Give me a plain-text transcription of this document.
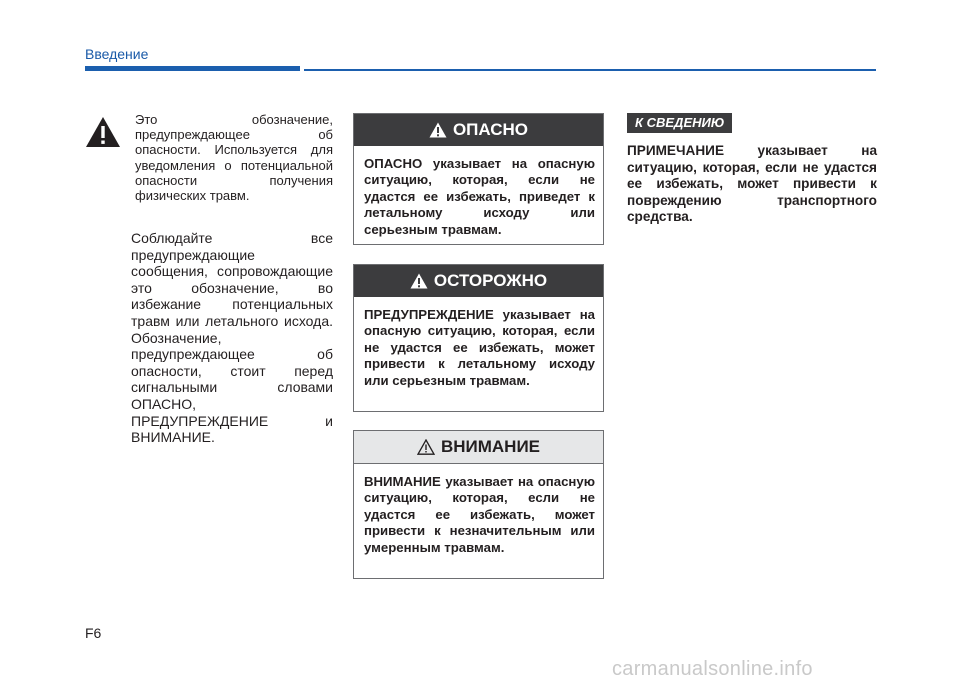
Введение
Это обозначение, предупреждающее об опасности. Используется для уведомления о потенциальной опасности получения физических травм.
Соблюдайте все предупреждающие сообщения, сопровождающие это обозначение, во избежание потенциальных травм или летального исхода. Обозначение, предупреждающее об опасности, стоит перед сигнальными словами ОПАСНО, ПРЕДУПРЕЖДЕНИЕ и ВНИМАНИЕ.
ОПАСНО
ОПАСНО указывает на опасную ситуацию, которая, если не удастся ее избежать, приведет к летальному исходу или серьезным травмам.
ОСТОРОЖНО
ПРЕДУПРЕЖДЕНИЕ указывает на опасную ситуацию, которая, если не удастся ее избежать, может привести к летальному исходу или серьезным травмам.
ВНИМАНИЕ
ВНИМАНИЕ указывает на опасную ситуацию, которая, если не удастся ее избежать, может привести к незначительным или умеренным травмам.
К СВЕДЕНИЮ
ПРИМЕЧАНИЕ указывает на ситуацию, которая, если не удастся ее избежать, может привести к повреждению транспортного средства.
F6
carmanualsonline.info
